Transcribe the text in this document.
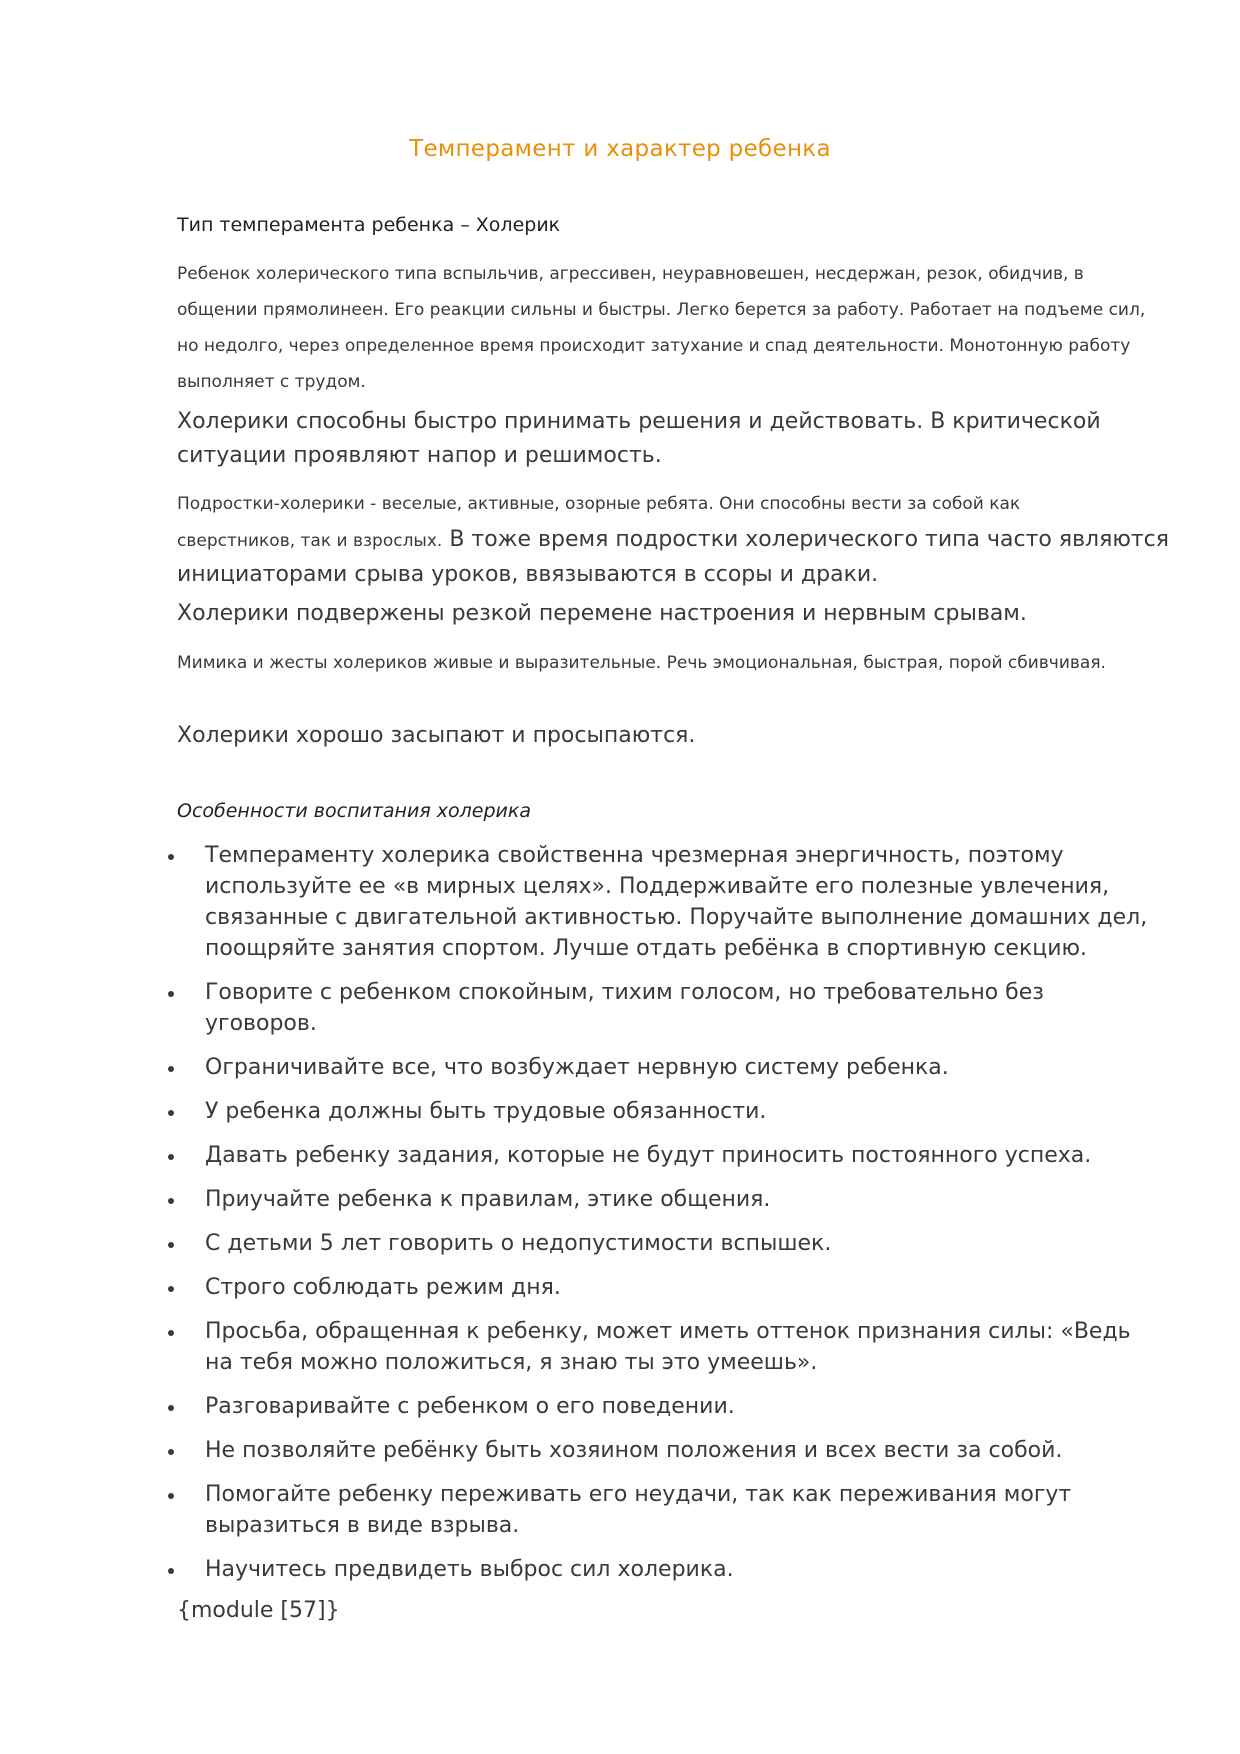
Темперамент и характер ребенка
Тип темперамента ребенка – Холерик
Ребенок холерического типа вспыльчив, агрессивен, неуравновешен, несдержан, резок, обидчив, в общении прямолинеен. Его реакции сильны и быстры. Легко берется за работу. Работает на подъеме сил, но недолго, через определенное время происходит затухание и спад деятельности. Монотонную работу выполняет с трудом.
Холерики способны быстро принимать решения и действовать. В критической ситуации проявляют напор и решимость.
Подростки-холерики - веселые, активные, озорные ребята. Они способны вести за собой как
сверстников, так и взрослых. В тоже время подростки холерического типа часто являются
инициаторами срыва уроков, ввязываются в ссоры и драки.
Холерики подвержены резкой перемене настроения и нервным срывам.
Мимика и жесты холериков живые и выразительные. Речь эмоциональная, быстрая, порой сбивчивая.
Холерики хорошо засыпают и просыпаются.
Особенности воспитания холерика
Темпераменту холерика свойственна чрезмерная энергичность, поэтому используйте ее «в мирных целях». Поддерживайте его полезные увлечения, связанные с двигательной активностью. Поручайте выполнение домашних дел, поощряйте занятия спортом. Лучше отдать ребёнка в спортивную секцию.
Говорите с ребенком спокойным, тихим голосом, но требовательно без уговоров.
Ограничивайте все, что возбуждает нервную систему ребенка.
У ребенка должны быть трудовые обязанности.
Давать ребенку задания, которые не будут приносить постоянного успеха.
Приучайте ребенка к правилам, этике общения.
С детьми 5 лет говорить о недопустимости вспышек.
Строго соблюдать режим дня.
Просьба, обращенная к ребенку, может иметь оттенок признания силы: «Ведь на тебя можно положиться, я знаю ты это умеешь».
Разговаривайте с ребенком о его поведении.
Не позволяйте ребёнку быть хозяином положения и всех вести за собой.
Помогайте ребенку переживать его неудачи, так как переживания могут выразиться в виде взрыва.
Научитесь предвидеть выброс сил холерика.
{module [57]}
